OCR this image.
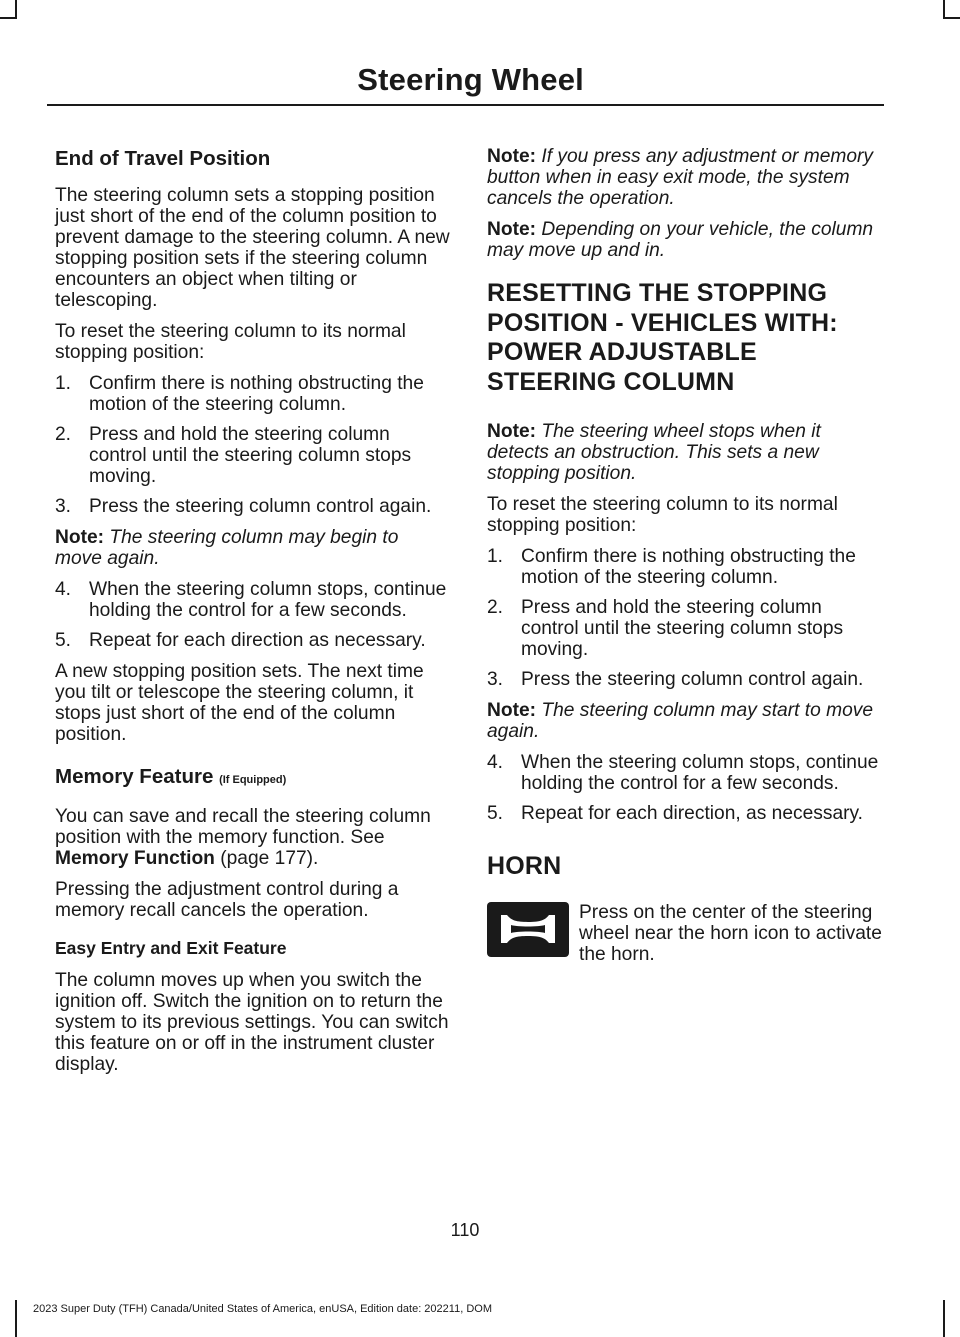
Steering Wheel
End of Travel Position

The steering column sets a stopping position just short of the end of the column position to prevent damage to the steering column. A new stopping position sets if the steering column encounters an object when tilting or telescoping.

To reset the steering column to its normal stopping position:

1. Confirm there is nothing obstructing the motion of the steering column.
2. Press and hold the steering column control until the steering column stops moving.
3. Press the steering column control again.

Note: The steering column may begin to move again.

4. When the steering column stops, continue holding the control for a few seconds.
5. Repeat for each direction as necessary.

A new stopping position sets. The next time you tilt or telescope the steering column, it stops just short of the end of the column position.

Memory Feature (If Equipped)

You can save and recall the steering column position with the memory function. See Memory Function (page 177).

Pressing the adjustment control during a memory recall cancels the operation.

Easy Entry and Exit Feature

The column moves up when you switch the ignition off. Switch the ignition on to return the system to its previous settings. You can switch this feature on or off in the instrument cluster display.

Note: If you press any adjustment or memory button when in easy exit mode, the system cancels the operation.

Note: Depending on your vehicle, the column may move up and in.

RESETTING THE STOPPING
POSITION - VEHICLES WITH:
POWER ADJUSTABLE
STEERING COLUMN

Note: The steering wheel stops when it detects an obstruction. This sets a new stopping position.

To reset the steering column to its normal stopping position:

1. Confirm there is nothing obstructing the motion of the steering column.
2. Press and hold the steering column control until the steering column stops moving.
3. Press the steering column control again.

Note: The steering column may start to move again.

4. When the steering column stops, continue holding the control for a few seconds.
5. Repeat for each direction, as necessary.
HORN
Press on the center of the steering wheel near the horn icon to activate the horn.
110
2023 Super Duty (TFH) Canada/United States of America, enUSA, Edition date: 202211, DOM
